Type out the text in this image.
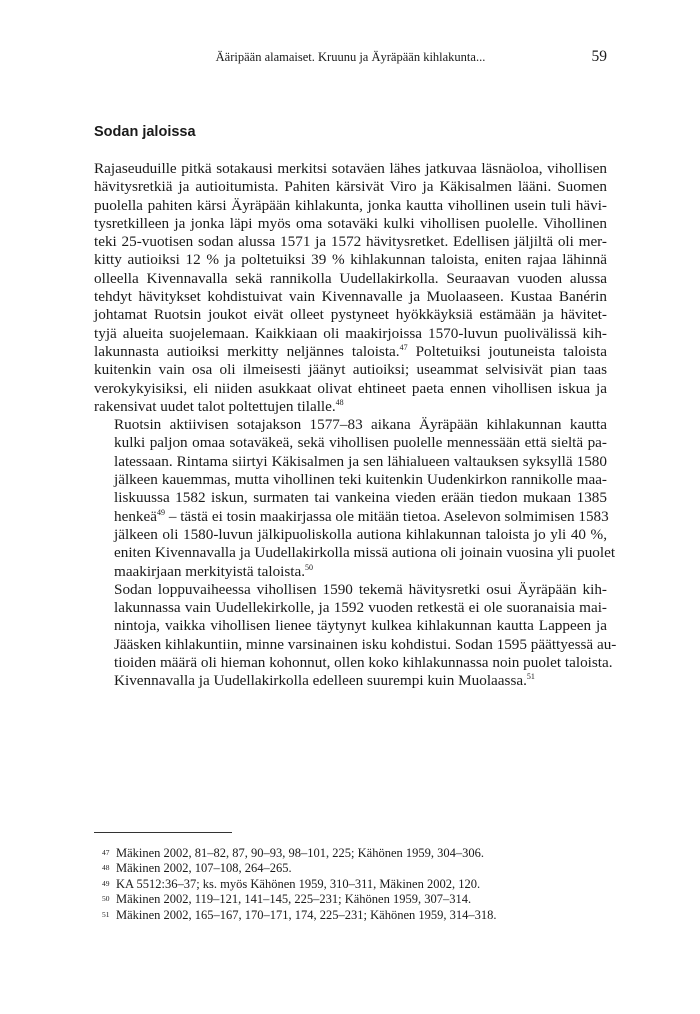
Ääripään alamaiset. Kruunu ja Äyräpään kihlakunta...	59
Sodan jaloissa

Rajaseuduille pitkä sotakausi merkitsi sotaväen lähes jatkuvaa läsnäoloa, vihollisen
hävitysretkiä ja autioitumista. Pahiten kärsivät Viro ja Käkisalmen lääni. Suomen
puolella pahiten kärsi Äyräpään kihlakunta, jonka kautta vihollinen usein tuli hävi-
tysretkilleen ja jonka läpi myös oma sotaväki kulki vihollisen puolelle. Vihollinen
teki 25-vuotisen sodan alussa 1571 ja 1572 hävitysretket. Edellisen jäljiltä oli mer-
kitty autioiksi 12 % ja poltetuiksi 39 % kihlakunnan taloista, eniten rajaa lähinnä
olleella Kivennavalla sekä rannikolla Uudellakirkolla. Seuraavan vuoden alussa
tehdyt hävitykset kohdistuivat vain Kivennavalle ja Muolaaseen. Kustaa Banérin
johtamat Ruotsin joukot eivät olleet pystyneet hyökkäyksiä estämään ja hävitet-
tyjä alueita suojelemaan. Kaikkiaan oli maakirjoissa 1570-luvun puolivälissä kih-
lakunnasta autioiksi merkitty neljännes taloista.$^{47}$ Poltetuiksi joutuneista taloista
kuitenkin vain osa oli ilmeisesti jäänyt autioiksi; useammat selvisivät pian taas
verokykyisiksi, eli niiden asukkaat olivat ehtineet paeta ennen vihollisen iskua ja
rakensivat uudet talot poltettujen tilalle.$^{48}$

Ruotsin aktiivisen sotajakson 1577–83 aikana Äyräpään kihlakunnan kautta
kulki paljon omaa sotaväkeä, sekä vihollisen puolelle mennessään että sieltä pa-
latessaan. Rintama siirtyi Käkisalmen ja sen lähialueen valtauksen syksyllä 1580
jälkeen kauemmas, mutta vihollinen teki kuitenkin Uudenkirkon rannikolle maa-
liskuussa 1582 iskun, surmaten tai vankeina vieden erään tiedon mukaan 1385
henkeä$^{49}$ – tästä ei tosin maakirjassa ole mitään tietoa. Aselevon solmimisen 1583
jälkeen oli 1580-luvun jälkipuoliskolla autiona kihlakunnan taloista jo yli 40 %,
eniten Kivennavalla ja Uudellakirkolla missä autiona oli joinain vuosina yli puolet
maakirjaan merkityistä taloista.$^{50}$

Sodan loppuvaiheessa vihollisen 1590 tekemä hävitysretki osui Äyräpään kih-
lakunnassa vain Uudellekirkolle, ja 1592 vuoden retkestä ei ole suoranaisia mai-
nintoja, vaikka vihollisen lienee täytynyt kulkea kihlakunnan kautta Lappeen ja
Jääsken kihlakuntiin, minne varsinainen isku kohdistui. Sodan 1595 päättyessä au-
tioiden määrä oli hieman kohonnut, ollen koko kihlakunnassa noin puolet taloista.
Kivennavalla ja Uudellakirkolla edelleen suurempi kuin Muolaassa.$^{51}$

47 Mäkinen 2002, 81–82, 87, 90–93, 98–101, 225; Kähönen 1959, 304–306.
48 Mäkinen 2002, 107–108, 264–265.
49 KA 5512:36–37; ks. myös Kähönen 1959, 310–311, Mäkinen 2002, 120.
50 Mäkinen 2002, 119–121, 141–145, 225–231; Kähönen 1959, 307–314.
51 Mäkinen 2002, 165–167, 170–171, 174, 225–231; Kähönen 1959, 314–318.
